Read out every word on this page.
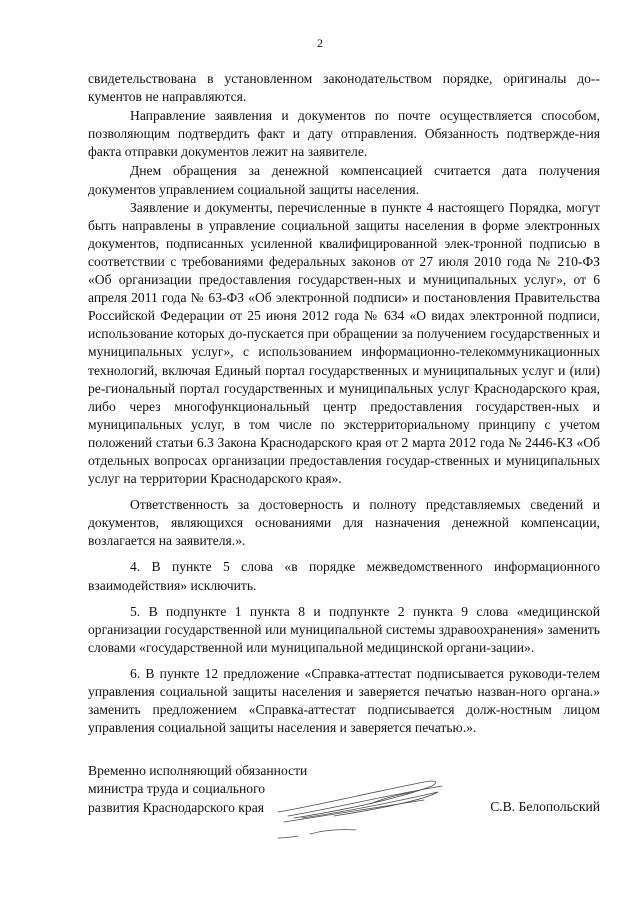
2

свидетельствована в установленном законодательством порядке, оригиналы до-кументов не направляются.

Направление заявления и документов по почте осуществляется способом, позволяющим подтвердить факт и дату отправления. Обязанность подтвержде-ния факта отправки документов лежит на заявителе.

Днем обращения за денежной компенсацией считается дата получения документов управлением социальной защиты населения.

Заявление и документы, перечисленные в пункте 4 настоящего Порядка, могут быть направлены в управление социальной защиты населения в форме электронных документов, подписанных усиленной квалифицированной элек-тронной подписью в соответствии с требованиями федеральных законов от 27 июля 2010 года № 210-ФЗ «Об организации предоставления государствен-ных и муниципальных услуг», от 6 апреля 2011 года № 63-ФЗ «Об электронной подписи» и постановления Правительства Российской Федерации от 25 июня 2012 года № 634 «О видах электронной подписи, использование которых до-пускается при обращении за получением государственных и муниципальных услуг», с использованием информационно-телекоммуникационных технологий, включая Единый портал государственных и муниципальных услуг и (или) ре-гиональный портал государственных и муниципальных услуг Краснодарского края, либо через многофункциональный центр предоставления государствен-ных и муниципальных услуг, в том числе по экстерриториальному принципу с учетом положений статьи 6.3 Закона Краснодарского края от 2 марта 2012 года № 2446-КЗ «Об отдельных вопросах организации предоставления государ-ственных и муниципальных услуг на территории Краснодарского края».

Ответственность за достоверность и полноту представляемых сведений и документов, являющихся основаниями для назначения денежной компенсации, возлагается на заявителя.».

4. В пункте 5 слова «в порядке межведомственного информационного взаимодействия» исключить.

5. В подпункте 1 пункта 8 и подпункте 2 пункта 9 слова «медицинской организации государственной или муниципальной системы здравоохранения» заменить словами «государственной или муниципальной медицинской органи-зации».

6. В пункте 12 предложение «Справка-аттестат подписывается руководи-телем управления социальной защиты населения и заверяется печатью назван-ного органа.» заменить предложением «Справка-аттестат подписывается долж-ностным лицом управления социальной защиты населения и заверяется печатью.».

Временно исполняющий обязанности
министра труда и социального
развития Краснодарского края	С.В. Белопольский
